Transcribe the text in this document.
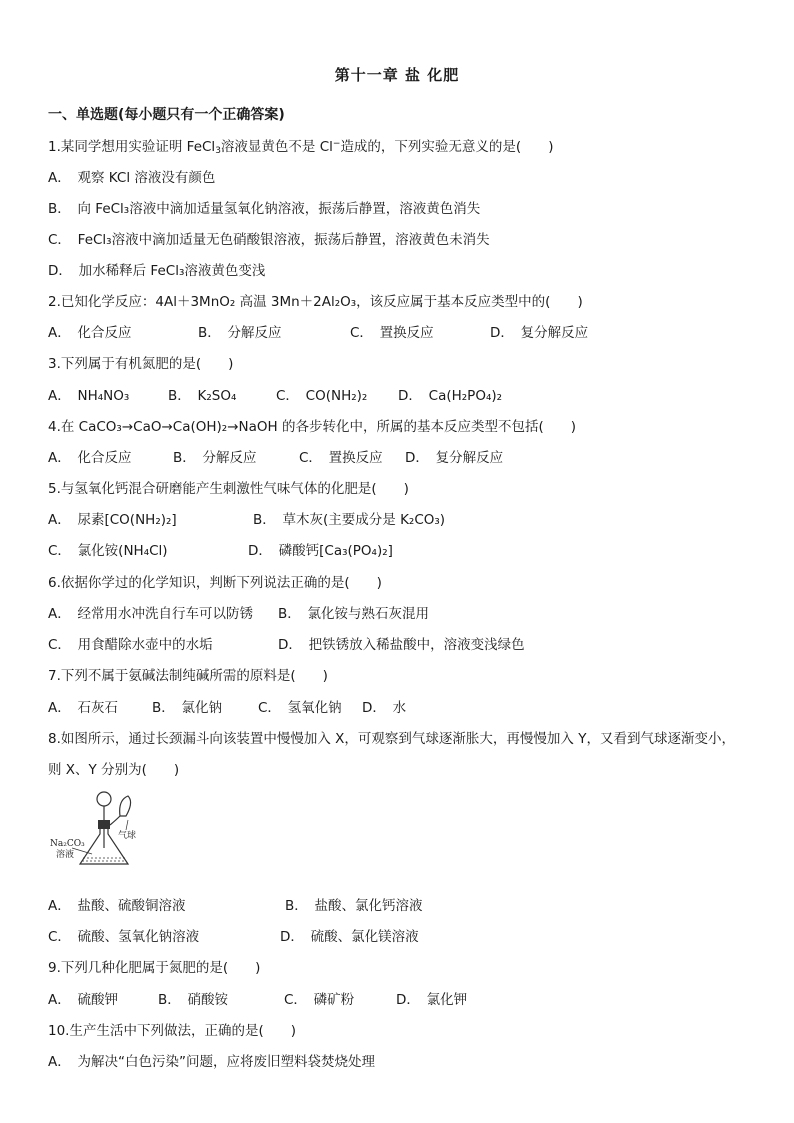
第十一章 盐 化肥
一、单选题(每小题只有一个正确答案)
1.某同学想用实验证明 FeCl$_3$溶液显黄色不是 Cl−造成的，下列实验无意义的是(　　)
A．　观察 KCl 溶液没有颜色
B．　向 FeCl₃溶液中滴加适量氢氧化钠溶液，振荡后静置，溶液黄色消失
C．　FeCl₃溶液中滴加适量无色硝酸银溶液，振荡后静置，溶液黄色未消失
D．　加水稀释后 FeCl₃溶液黄色变浅
2.已知化学反应：4Al＋3MnO₂ 高温 3Mn＋2Al₂O₃，该反应属于基本反应类型中的(　　)
A．　化合反应	B．　分解反应	C．　置换反应	D．　复分解反应
3.下列属于有机氮肥的是(　　)
A．　NH₄NO₃	B．　K₂SO₄	C．　CO(NH₂)₂ D．　Ca(H₂PO₄)₂
4.在 CaCO₃→CaO→Ca(OH)₂→NaOH 的各步转化中，所属的基本反应类型不包括(　　)
A．　化合反应	B．　分解反应	C．　置换反应 D．　复分解反应
5.与氢氧化钙混合研磨能产生刺激性气味气体的化肥是(　　)
A．　尿素[CO(NH₂)₂]	B．　草木灰(主要成分是 K₂CO₃)
C．　氯化铵(NH₄Cl)	D．　磷酸钙[Ca₃(PO₄)₂]
6.依据你学过的化学知识，判断下列说法正确的是(　　)
A．　经常用水冲洗自行车可以防锈 B．　氯化铵与熟石灰混用
C．　用食醋除水壶中的水垢	D．　把铁锈放入稀盐酸中，溶液变浅绿色
7.下列不属于氨碱法制纯碱所需的原料是(　　)
A．　石灰石	B．　氯化钠	C．　氢氧化钠 D．　水
8.如图所示，通过长颈漏斗向该装置中慢慢加入 X，可观察到气球逐渐胀大，再慢慢加入 Y，又看到气球逐渐变小，
则 X、Y 分别为(　　)
Na₂CO₃
溶液
气球
A．　盐酸、硫酸铜溶液	B．　盐酸、氯化钙溶液
C．　硫酸、氢氧化钠溶液	D．　硫酸、氯化镁溶液
9.下列几种化肥属于氮肥的是(　　)
A．　硫酸钾	B．　硝酸铵	C．　磷矿粉	D．　氯化钾
10.生产生活中下列做法，正确的是(　　)
A．　为解决“白色污染”问题，应将废旧塑料袋焚烧处理
